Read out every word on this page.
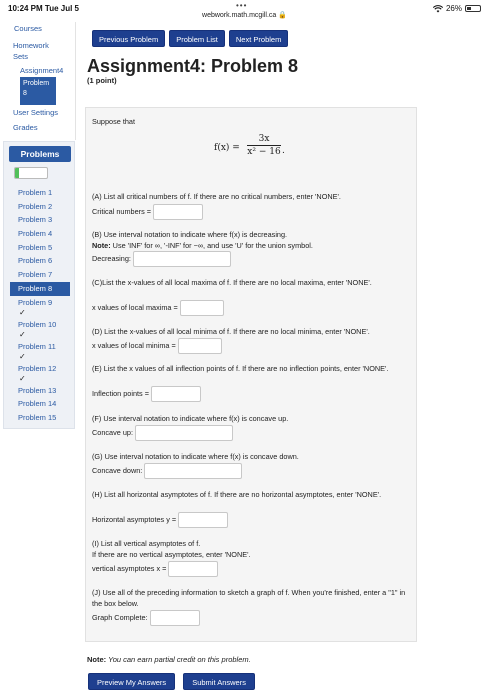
10:24 PM Tue Jul 5	•••
webwork.math.mcgill.ca 🔒
26%
Courses
Homework Sets
Assignment4
Problem 8
User Settings
Grades
Problems
Problem 1
Problem 2
Problem 3
Problem 4
Problem 5
Problem 6
Problem 7
Problem 8
Problem 9
✓
Problem 10
✓
Problem 11
✓
Problem 12
✓
Problem 13
Problem 14
Problem 15
Previous Problem	Problem List	Next Problem
Assignment4: Problem 8
(1 point)
Suppose that
$f(x) = \frac{3x}{\text{x² − 16}}$ .
(A) List all critical numbers of f. If there are no critical numbers, enter 'NONE'.
Critical numbers =
(B) Use interval notation to indicate where f(x) is decreasing.
Note: Use 'INF' for ∞, '-INF' for −∞, and use 'U' for the union symbol.
Decreasing:
(C)List the x-values of all local maxima of f. If there are no local maxima, enter 'NONE'.
x values of local maxima =
(D) List the x-values of all local minima of f. If there are no local minima, enter 'NONE'.
x values of local minima =
(E) List the x values of all inflection points of f. If there are no inflection points, enter 'NONE'.
Inflection points =
(F) Use interval notation to indicate where f(x) is concave up.
Concave up:
(G) Use interval notation to indicate where f(x) is concave down.
Concave down:
(H) List all horizontal asymptotes of f. If there are no horizontal asymptotes, enter 'NONE'.
Horizontal asymptotes y =
(I) List all vertical asymptotes of f.
If there are no vertical asymptotes, enter 'NONE'.
vertical asymptotes x =
(J) Use all of the preceding information to sketch a graph of f. When you're finished, enter a "1" in the box below.
Graph Complete:
Note: You can earn partial credit on this problem.
Preview My Answers	Submit Answers
